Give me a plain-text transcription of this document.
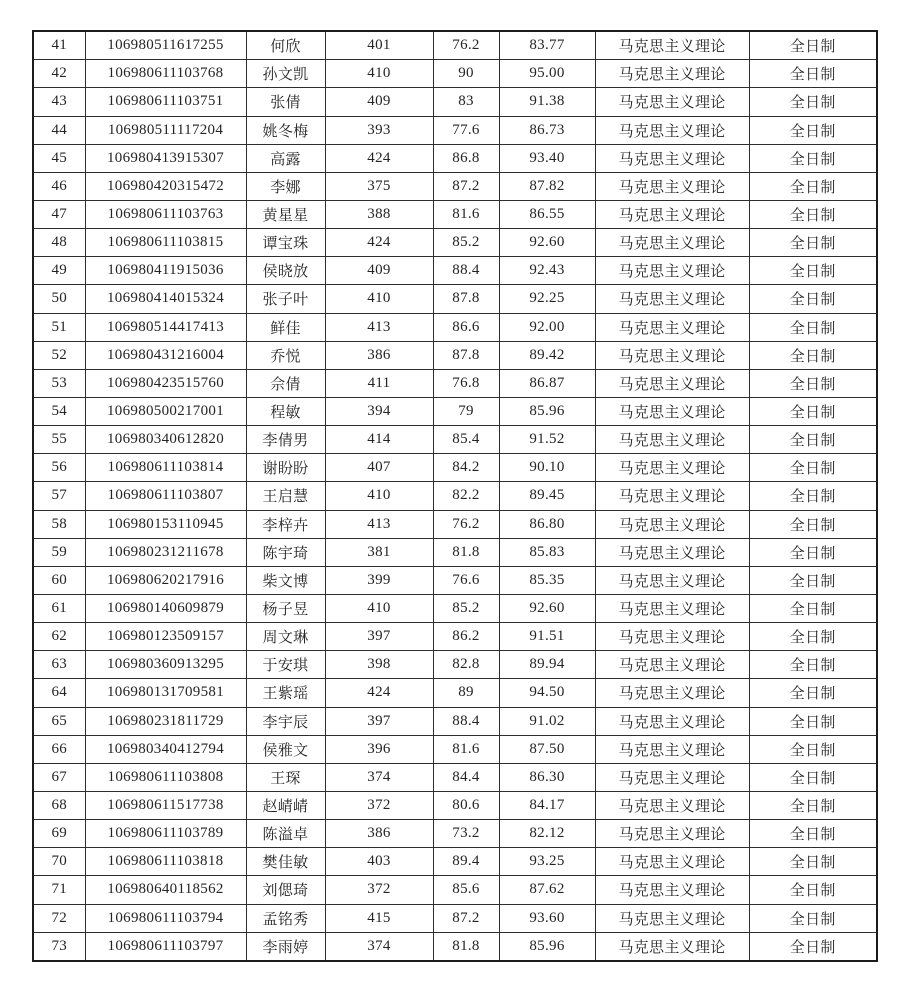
41	106980511617255	何欣	401	76.2	83.77	马克思主义理论	全日制
42	106980611103768	孙文凯	410	90	95.00	马克思主义理论	全日制
43	106980611103751	张倩	409	83	91.38	马克思主义理论	全日制
44	106980511117204	姚冬梅	393	77.6	86.73	马克思主义理论	全日制
45	106980413915307	高露	424	86.8	93.40	马克思主义理论	全日制
46	106980420315472	李娜	375	87.2	87.82	马克思主义理论	全日制
47	106980611103763	黄星星	388	81.6	86.55	马克思主义理论	全日制
48	106980611103815	谭宝珠	424	85.2	92.60	马克思主义理论	全日制
49	106980411915036	侯晓放	409	88.4	92.43	马克思主义理论	全日制
50	106980414015324	张子叶	410	87.8	92.25	马克思主义理论	全日制
51	106980514417413	鲜佳	413	86.6	92.00	马克思主义理论	全日制
52	106980431216004	乔悦	386	87.8	89.42	马克思主义理论	全日制
53	106980423515760	佘倩	411	76.8	86.87	马克思主义理论	全日制
54	106980500217001	程敏	394	79	85.96	马克思主义理论	全日制
55	106980340612820	李倩男	414	85.4	91.52	马克思主义理论	全日制
56	106980611103814	谢盼盼	407	84.2	90.10	马克思主义理论	全日制
57	106980611103807	王启慧	410	82.2	89.45	马克思主义理论	全日制
58	106980153110945	李梓卉	413	76.2	86.80	马克思主义理论	全日制
59	106980231211678	陈宇琦	381	81.8	85.83	马克思主义理论	全日制
60	106980620217916	柴文博	399	76.6	85.35	马克思主义理论	全日制
61	106980140609879	杨子昱	410	85.2	92.60	马克思主义理论	全日制
62	106980123509157	周文琳	397	86.2	91.51	马克思主义理论	全日制
63	106980360913295	于安琪	398	82.8	89.94	马克思主义理论	全日制
64	106980131709581	王紫瑶	424	89	94.50	马克思主义理论	全日制
65	106980231811729	李宇辰	397	88.4	91.02	马克思主义理论	全日制
66	106980340412794	侯雅文	396	81.6	87.50	马克思主义理论	全日制
67	106980611103808	王琛	374	84.4	86.30	马克思主义理论	全日制
68	106980611517738	赵崝崝	372	80.6	84.17	马克思主义理论	全日制
69	106980611103789	陈溢卓	386	73.2	82.12	马克思主义理论	全日制
70	106980611103818	樊佳敏	403	89.4	93.25	马克思主义理论	全日制
71	106980640118562	刘偲琦	372	85.6	87.62	马克思主义理论	全日制
72	106980611103794	孟铭秀	415	87.2	93.60	马克思主义理论	全日制
73	106980611103797	李雨婷	374	81.8	85.96	马克思主义理论	全日制
